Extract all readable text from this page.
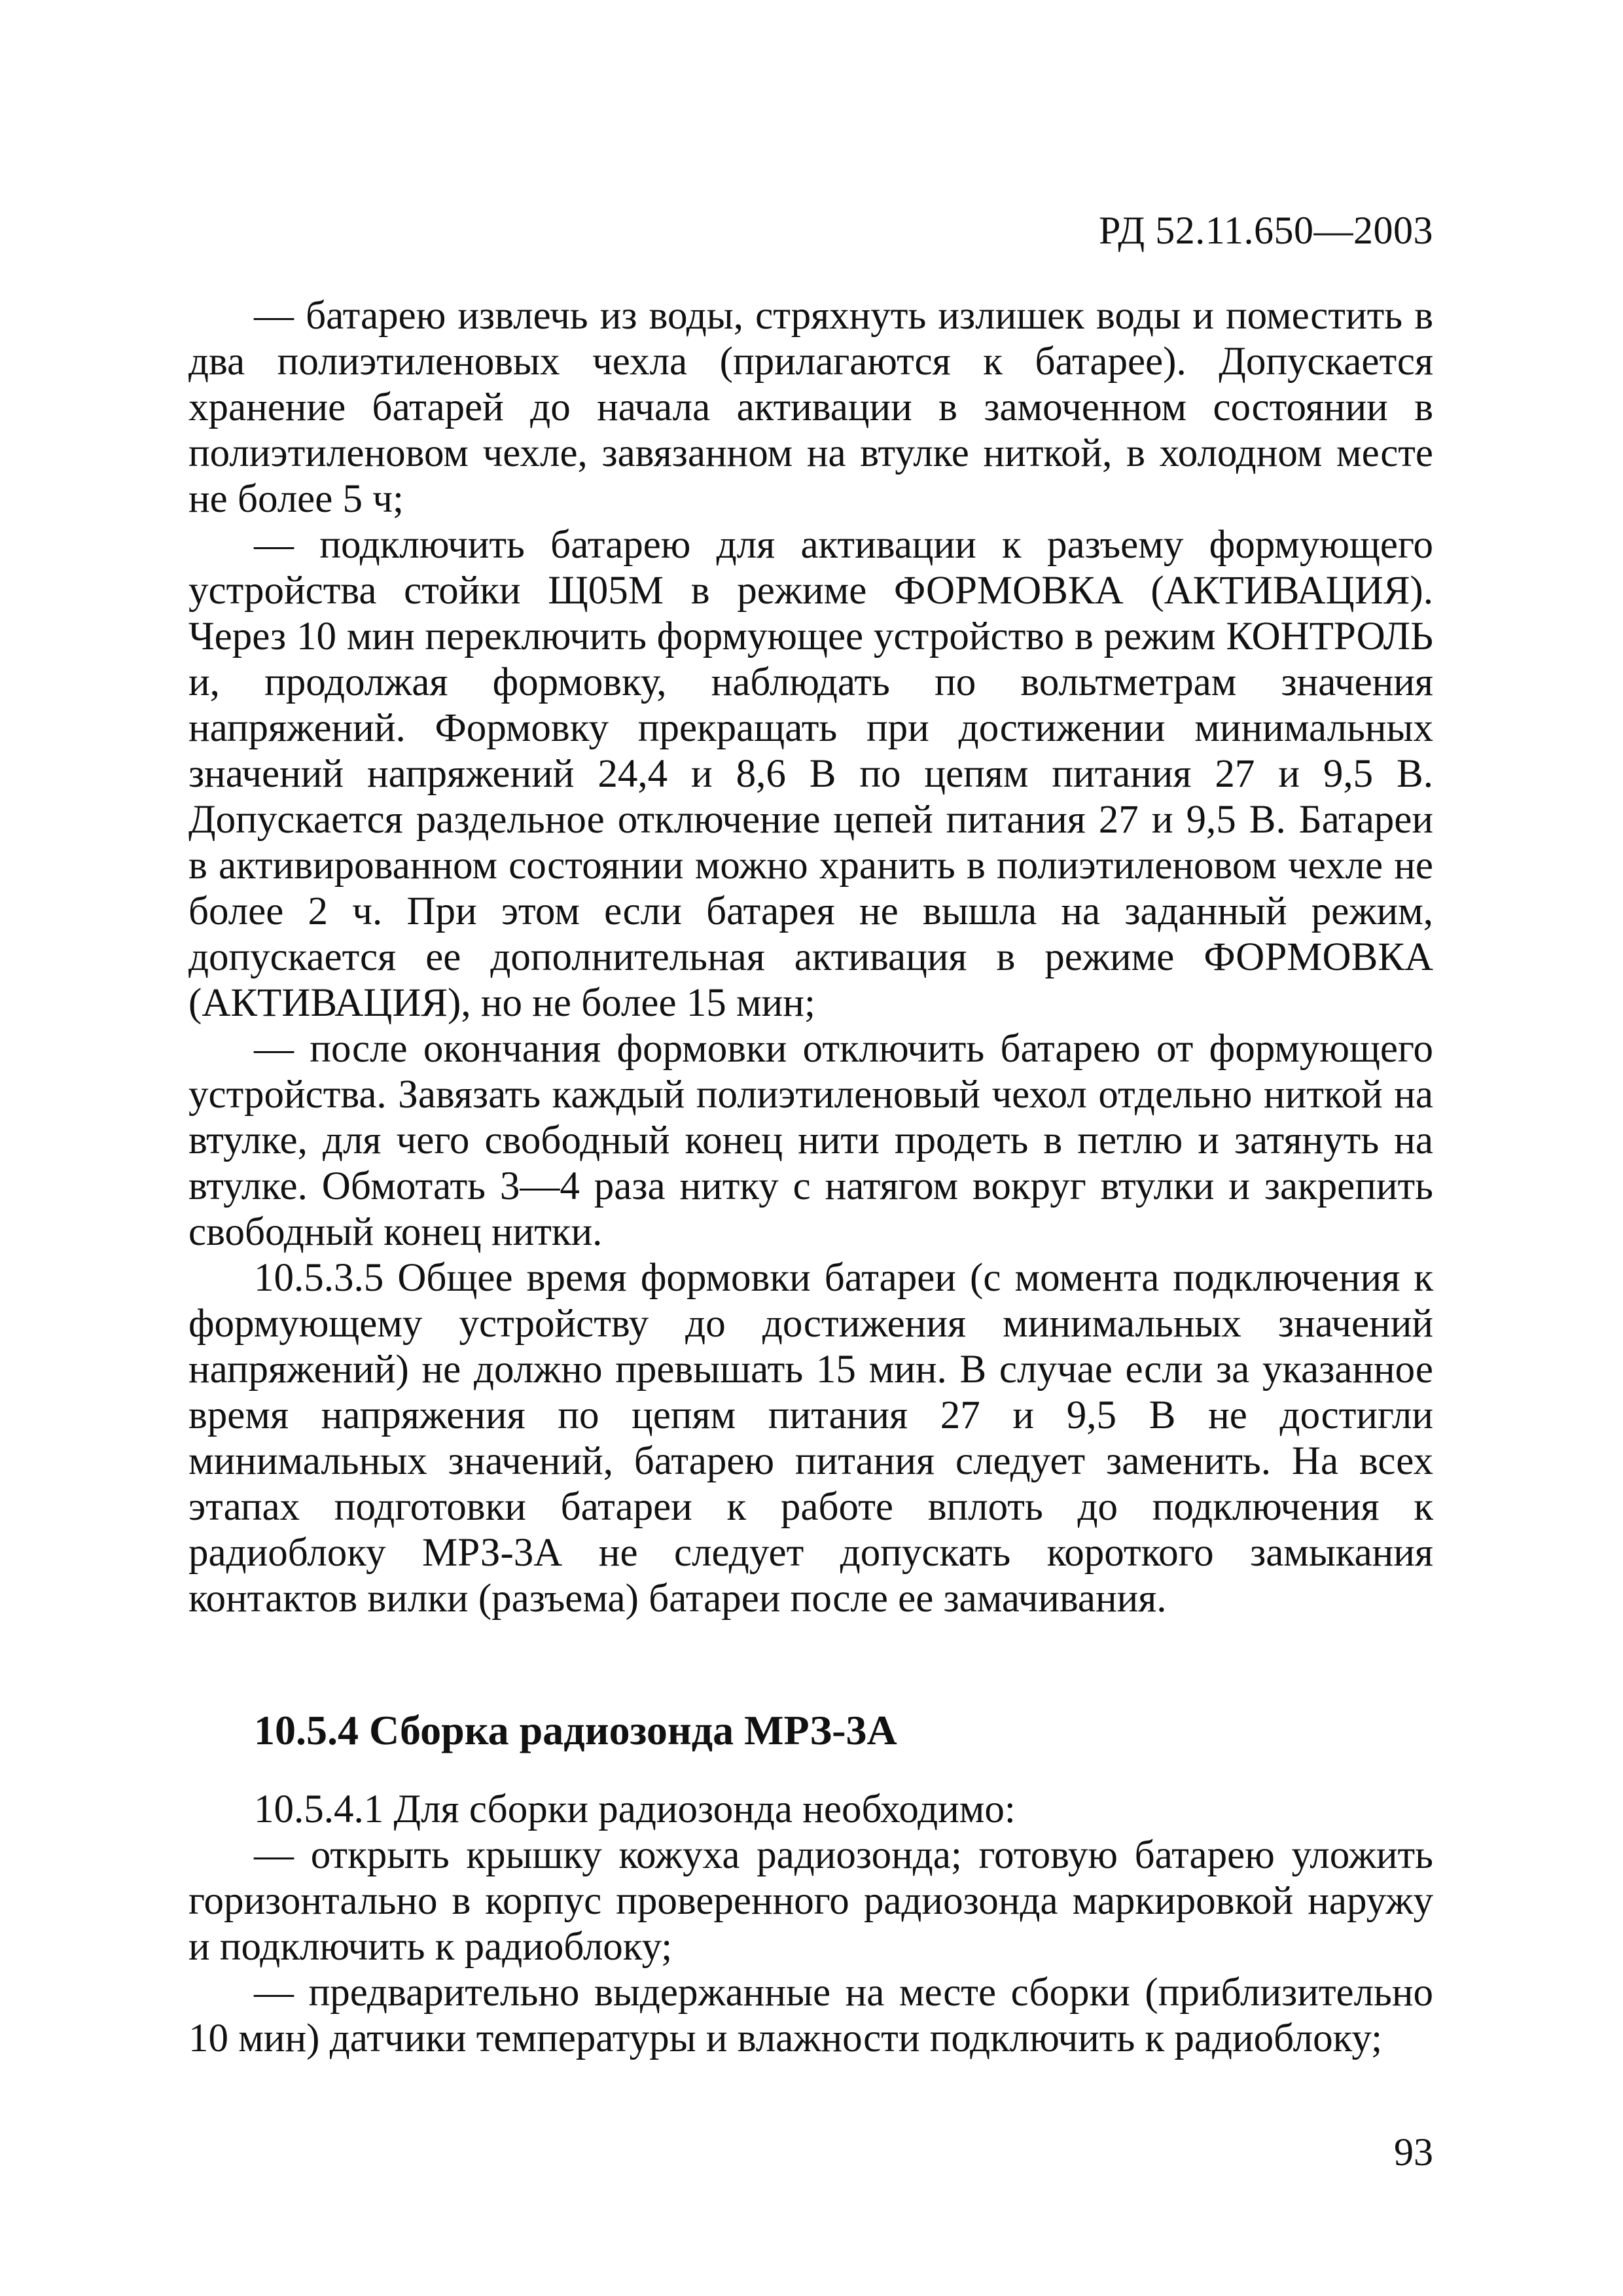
РД 52.11.650—2003

— батарею извлечь из воды, стряхнуть излишек воды и поместить в два полиэтиленовых чехла (прилагаются к батарее). Допускается хранение батарей до начала активации в замоченном состоянии в полиэтиленовом чехле, завязанном на втулке ниткой, в холодном месте не более 5 ч;

— подключить батарею для активации к разъему формующего устройства стойки Щ05М в режиме ФОРМОВКА (АКТИВАЦИЯ). Через 10 мин переключить формующее устройство в режим КОНТРОЛЬ и, продолжая формовку, наблюдать по вольтметрам значения напряжений. Формовку прекращать при достижении минимальных значений напряжений 24,4 и 8,6 В по цепям питания 27 и 9,5 В. Допускается раздельное отключение цепей питания 27 и 9,5 В. Батареи в активированном состоянии можно хранить в полиэтиленовом чехле не более 2 ч. При этом если батарея не вышла на заданный режим, допускается ее дополнительная активация в режиме ФОРМОВКА (АКТИВАЦИЯ), но не более 15 мин;

— после окончания формовки отключить батарею от формующего устройства. Завязать каждый полиэтиленовый чехол отдельно ниткой на втулке, для чего свободный конец нити продеть в петлю и затянуть на втулке. Обмотать 3—4 раза нитку с натягом вокруг втулки и закрепить свободный конец нитки.

10.5.3.5 Общее время формовки батареи (с момента подключения к формующему устройству до достижения минимальных значений напряжений) не должно превышать 15 мин. В случае если за указанное время напряжения по цепям питания 27 и 9,5 В не достигли минимальных значений, батарею питания следует заменить. На всех этапах подготовки батареи к работе вплоть до подключения к радиоблоку МРЗ-3А не следует допускать короткого замыкания контактов вилки (разъема) батареи после ее замачивания.

10.5.4 Сборка радиозонда МРЗ-3А

10.5.4.1 Для сборки радиозонда необходимо:

— открыть крышку кожуха радиозонда; готовую батарею уложить горизонтально в корпус проверенного радиозонда маркировкой наружу и подключить к радиоблоку;

— предварительно выдержанные на месте сборки (приблизительно 10 мин) датчики температуры и влажности подключить к радиоблоку;

93
